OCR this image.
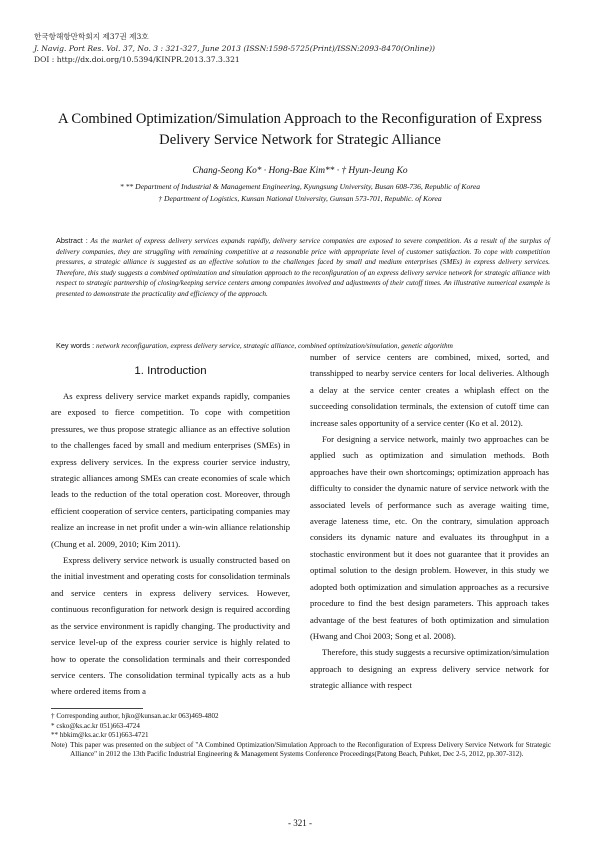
한국항해항만학회지 제37권 제3호
J. Navig. Port Res. Vol. 37, No. 3 : 321-327, June 2013 (ISSN:1598-5725(Print)/ISSN:2093-8470(Online))
DOI : http://dx.doi.org/10.5394/KINPR.2013.37.3.321
A Combined Optimization/Simulation Approach to the Reconfiguration of Express Delivery Service Network for Strategic Alliance
Chang-Seong Ko* · Hong-Bae Kim** · † Hyun-Jeung Ko
* ** Department of Industrial & Management Engineering, Kyungsung University, Busan 608-736, Republic of Korea
† Department of Logistics, Kunsan National University, Gunsan 573-701, Republic. of Korea
Abstract : As the market of express delivery services expands rapidly, delivery service companies are exposed to severe competition. As a result of the surplus of delivery companies, they are struggling with remaining competitive at a reasonable price with appropriate level of customer satisfaction. To cope with competition pressures, a strategic alliance is suggested as an effective solution to the challenges faced by small and medium enterprises (SMEs) in express delivery services. Therefore, this study suggests a combined optimization and simulation approach to the reconfiguration of an express delivery service network for strategic alliance with respect to strategic partnership of closing/keeping service centers among companies involved and adjustments of their cutoff times. An illustrative numerical example is presented to demonstrate the practicality and efficiency of the approach.
Key words : network reconfiguration, express delivery service, strategic alliance, combined optimization/simulation, genetic algorithm
1. Introduction

As express delivery service market expands rapidly, companies are exposed to fierce competition. To cope with competition pressures, we thus propose strategic alliance as an effective solution to the challenges faced by small and medium enterprises (SMEs) in express delivery services. In the express courier service industry, strategic alliances among SMEs can create economies of scale which leads to the reduction of the total operation cost. Moreover, through efficient cooperation of service centers, participating companies may realize an increase in net profit under a win-win alliance relationship (Chung et al. 2009, 2010; Kim 2011).

Express delivery service network is usually constructed based on the initial investment and operating costs for consolidation terminals and service centers in express delivery services. However, continuous reconfiguration for network design is required according as the service environment is rapidly changing. The productivity and service level-up of the express courier service is highly related to how to operate the consolidation terminals and their corresponded service centers. The consolidation terminal typically acts as a hub where ordered items from a

number of service centers are combined, mixed, sorted, and transshipped to nearby service centers for local deliveries. Although a delay at the service center creates a whiplash effect on the succeeding consolidation terminals, the extension of cutoff time can increase sales opportunity of a service center (Ko et al. 2012).

For designing a service network, mainly two approaches can be applied such as optimization and simulation methods. Both approaches have their own shortcomings; optimization approach has difficulty to consider the dynamic nature of service network with the associated levels of performance such as average waiting time, average lateness time, etc. On the contrary, simulation approach considers its dynamic nature and evaluates its throughput in a stochastic environment but it does not guarantee that it provides an optimal solution to the design problem. However, in this study we adopted both optimization and simulation approaches as a recursive procedure to find the best design parameters. This approach takes advantage of the best features of both optimization and simulation (Hwang and Choi 2003; Song et al. 2008).

Therefore, this study suggests a recursive optimization/simulation approach to designing an express delivery service network for strategic alliance with respect

† Corresponding author, hjko@kunsan.ac.kr 063)469-4802
* csko@ks.ac.kr 051)663-4724
** hbkim@ks.ac.kr 051)663-4721
Note) This paper was presented on the subject of "A Combined Optimization/Simulation Approach to the Reconfiguration of Express Delivery Service Network for Strategic Alliance" in 2012 the 13th Pacific Industrial Engineering & Management Systems Conference Proceedings(Patong Beach, Puhket, Dec 2-5, 2012, pp.307-312).
- 321 -
